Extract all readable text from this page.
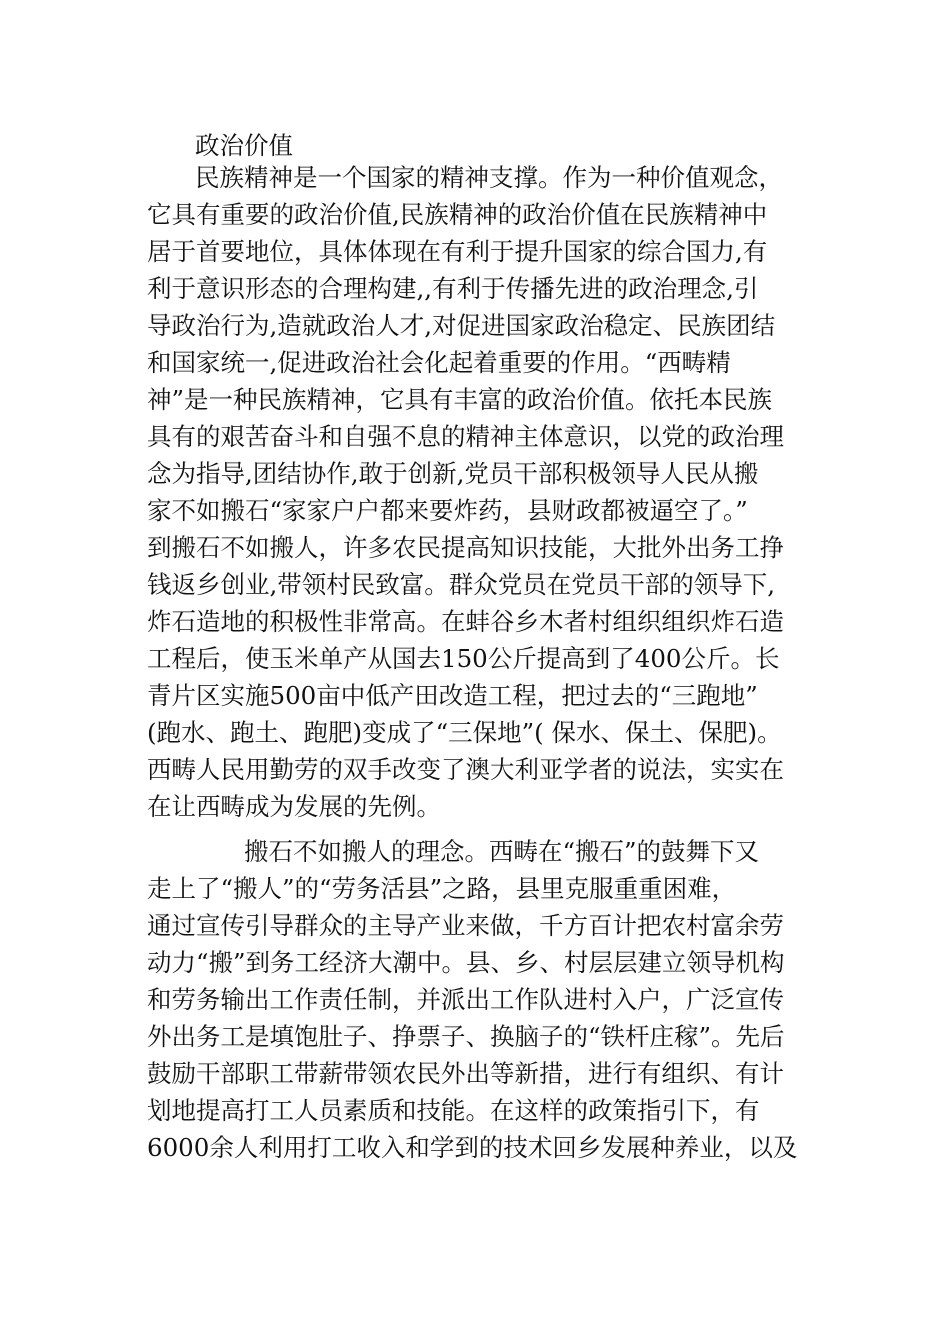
政治价值
民族精神是一个国家的精神支撑。作为一种价值观念，
它具有重要的政治价值,民族精神的政治价值在民族精神中
居于首要地位，具体体现在有利于提升国家的综合国力,有
利于意识形态的合理构建,,有利于传播先进的政治理念,引
导政治行为,造就政治人才,对促进国家政治稳定、民族团结
和国家统一,促进政治社会化起着重要的作用。“西畴精
神”是一种民族精神，它具有丰富的政治价值。依托本民族
具有的艰苦奋斗和自强不息的精神主体意识，以党的政治理
念为指导,团结协作,敢于创新,党员干部积极领导人民从搬
家不如搬石“家家户户都来要炸药，县财政都被逼空了。”
到搬石不如搬人，许多农民提高知识技能，大批外出务工挣
钱返乡创业,带领村民致富。群众党员在党员干部的领导下,
炸石造地的积极性非常高。在蚌谷乡木者村组织组织炸石造
工程后，使玉米单产从国去150公斤提高到了400公斤。长
青片区实施500亩中低产田改造工程，把过去的“三跑地”
(跑水、跑土、跑肥)变成了“三保地”( 保水、保土、保肥)。
西畴人民用勤劳的双手改变了澳大利亚学者的说法，实实在
在让西畴成为发展的先例。
搬石不如搬人的理念。西畴在“搬石”的鼓舞下又
走上了“搬人”的“劳务活县”之路，县里克服重重困难，
通过宣传引导群众的主导产业来做，千方百计把农村富余劳
动力“搬”到务工经济大潮中。县、乡、村层层建立领导机构
和劳务输出工作责任制，并派出工作队进村入户，广泛宣传
外出务工是填饱肚子、挣票子、换脑子的“铁杆庄稼”。先后
鼓励干部职工带薪带领农民外出等新措，进行有组织、有计
划地提高打工人员素质和技能。在这样的政策指引下，有
6000余人利用打工收入和学到的技术回乡发展种养业，以及
